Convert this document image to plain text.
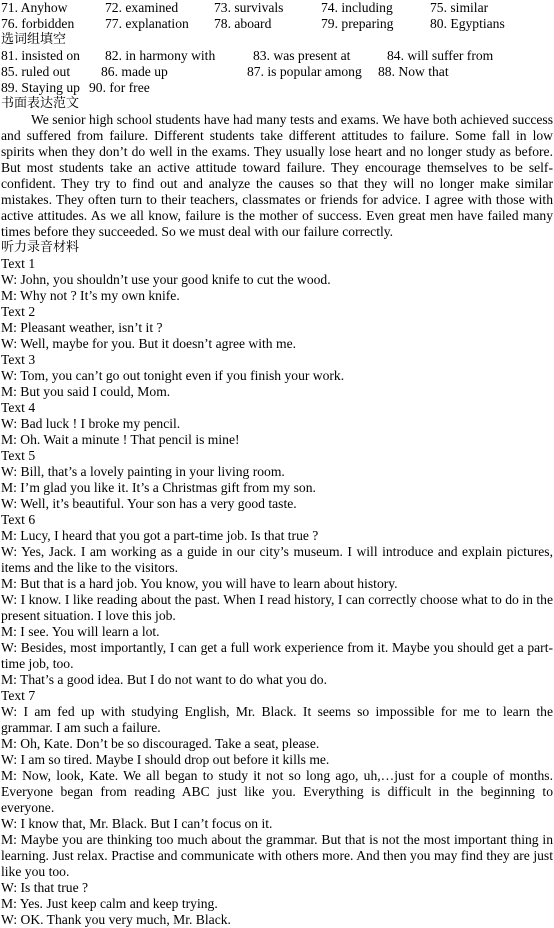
71. Anyhow	72. examined	73. survivals	74. including	75. similar
76. forbidden 77. explanation 78. aboard	79. preparing	80. Egyptians
选词组填空
81. insisted on 82. in harmony with	83. was present at	84. will suffer from
85. ruled out 86. made up	87. is popular among 88. Now that
89. Staying up 90. for free
书面表达范文

We senior high school students have had many tests and exams. We have both achieved success and suffered from failure. Different students take different attitudes to failure. Some fall in low spirits when they don’t do well in the exams. They usually lose heart and no longer study as before. But most students take an active attitude toward failure. They encourage themselves to be self-confident. They try to find out and analyze the causes so that they will no longer make similar mistakes. They often turn to their teachers, classmates or friends for advice. I agree with those with active attitudes. As we all know, failure is the mother of success. Even great men have failed many times before they succeeded. So we must deal with our failure correctly.

听力录音材料
Text 1
W: John, you shouldn’t use your good knife to cut the wood.
M: Why not ? It’s my own knife.
Text 2
M: Pleasant weather, isn’t it ?
W: Well, maybe for you. But it doesn’t agree with me.
Text 3
W: Tom, you can’t go out tonight even if you finish your work.
M: But you said I could, Mom.
Text 4
W: Bad luck ! I broke my pencil.
M: Oh. Wait a minute ! That pencil is mine!
Text 5
W: Bill, that’s a lovely painting in your living room.
M: I’m glad you like it. It’s a Christmas gift from my son.
W: Well, it’s beautiful. Your son has a very good taste.
Text 6
M: Lucy, I heard that you got a part-time job. Is that true ?

W: Yes, Jack. I am working as a guide in our city’s museum. I will introduce and explain pictures, items and the like to the visitors.

M: But that is a hard job. You know, you will have to learn about history.

W: I know. I like reading about the past. When I read history, I can correctly choose what to do in the present situation. I love this job.

M: I see. You will learn a lot.

W: Besides, most importantly, I can get a full work experience from it. Maybe you should get a part-time job, too.

M: That’s a good idea. But I do not want to do what you do.
Text 7

W: I am fed up with studying English, Mr. Black. It seems so impossible for me to learn the grammar. I am such a failure.

M: Oh, Kate. Don’t be so discouraged. Take a seat, please.
W: I am so tired. Maybe I should drop out before it kills me.

M: Now, look, Kate. We all began to study it not so long ago, uh,…just for a couple of months. Everyone began from reading ABC just like you. Everything is difficult in the beginning to everyone.

W: I know that, Mr. Black. But I can’t focus on it.

M: Maybe you are thinking too much about the grammar. But that is not the most important thing in learning. Just relax. Practise and communicate with others more. And then you may find they are just like you too.

W: Is that true ?
M: Yes. Just keep calm and keep trying.
W: OK. Thank you very much, Mr. Black.
